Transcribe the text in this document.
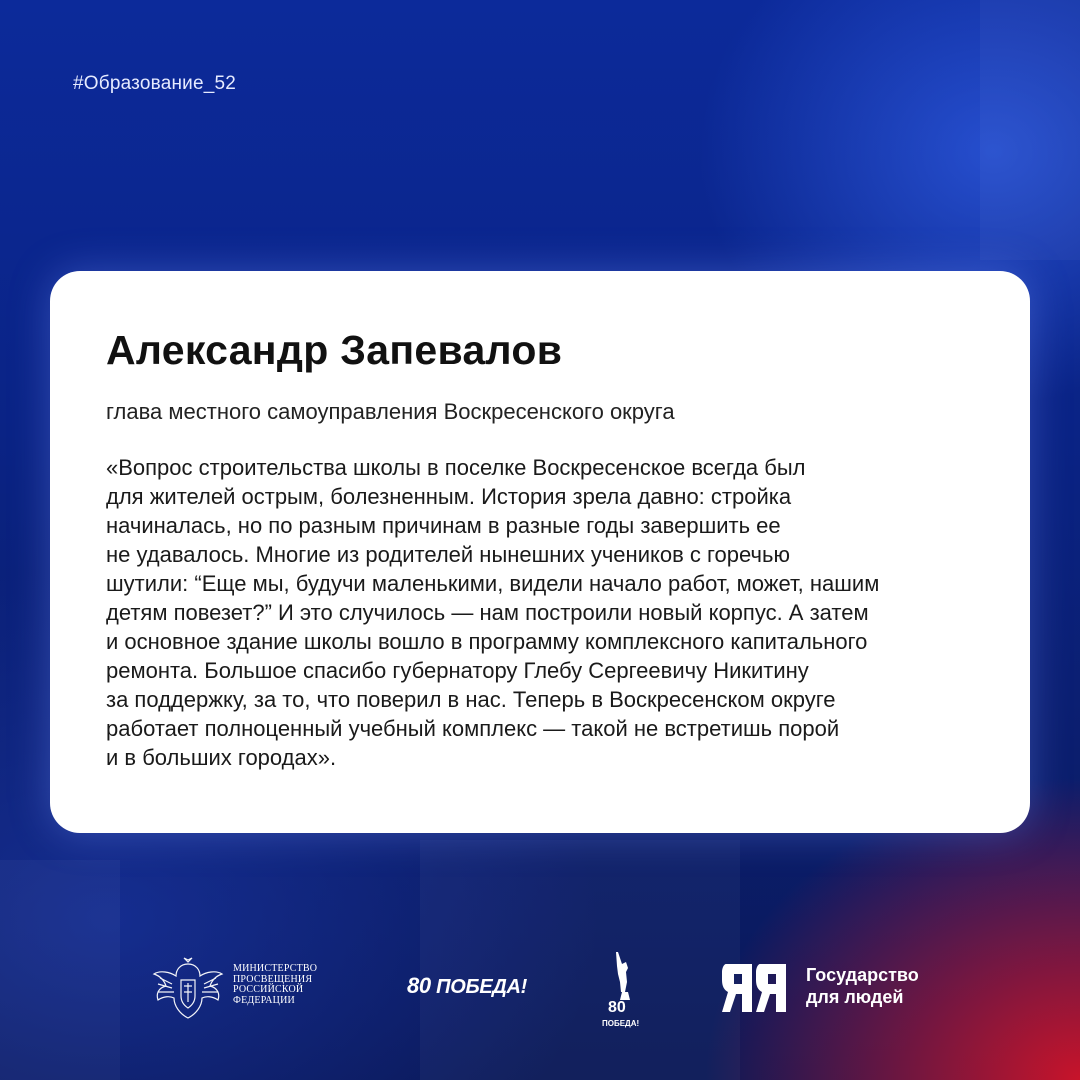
#Образование_52
Александр Запевалов
глава местного самоуправления Воскресенского округа

«Вопрос строительства школы в поселке Воскресенское всегда был
для жителей острым, болезненным. История зрела давно: стройка
начиналась, но по разным причинам в разные годы завершить ее
не удавалось. Многие из родителей нынешних учеников с горечью
шутили: “Еще мы, будучи маленькими, видели начало работ, может, нашим
детям повезет?” И это случилось — нам построили новый корпус. А затем
и основное здание школы вошло в программу комплексного капитального
ремонта. Большое спасибо губернатору Глебу Сергеевичу Никитину
за поддержку, за то, что поверил в нас. Теперь в Воскресенском округе
работает полноценный учебный комплекс — такой не встретишь порой
и в больших городах».

МИНИСТЕРСТВО
ПРОСВЕЩЕНИЯ
РОССИЙСКОЙ
ФЕДЕРАЦИИ
80 ПОБЕДА!
80
ПОБЕДА!
Государство
для людей
